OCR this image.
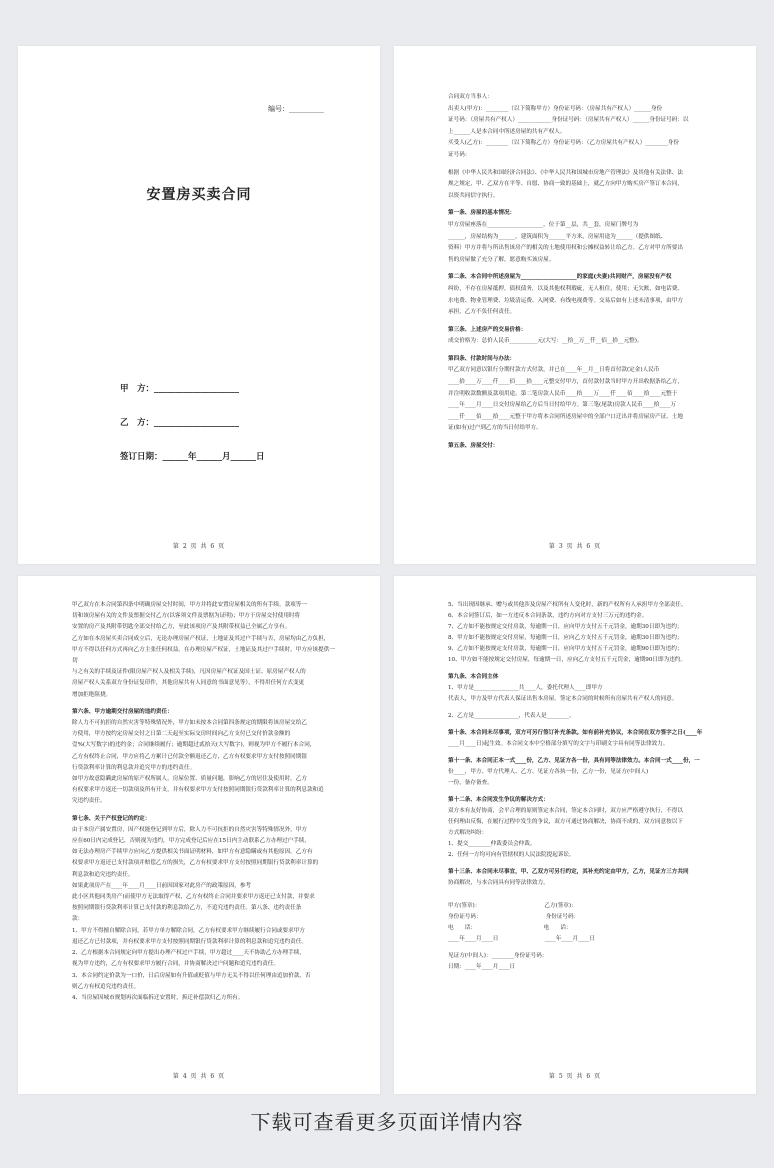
编号：__________
安置房买卖合同
甲　方：____________________
乙　方：____________________
签订日期：______年______月______日
第 2 页 共 6 页

合同双方当事人：

出卖人(甲方)：________（以下简称甲方）身份证号码：（房屋共有产权人）______身份

证号码：（房屋共有产权人）____________身份证号码：（房屋共有产权人）______身份证号码：以

上______人是本合同中所述房屋的共有产权人。

买受人(乙方)：________（以下简称乙方）身份证号码：（乙方房屋共有产权人）________身份

证号码：

根据《中华人民共和国经济合同法》、《中华人民共和国城市房地产管理法》及其他有关法律、法

规之规定，甲、乙双方在平等、自愿、协商一致的基础上，就乙方向甲方购买房产签订本合同，

以资共同信守执行。

第一条、房屋的基本情况：

甲方房屋座落在____________________，位于第__层，共__套，房屋门牌号为

______，房屋结构为______，建筑面积为______平方米，房屋用途为______（提供图纸、

资料）甲方并将与所出售该房产的相关的土地使用权和公摊权益转让给乙方。乙方对甲方所要出

售的房屋做了充分了解，愿意购买该房屋。

第二条、本合同中所述房屋为____________________的家庭(夫妻)共同财产，房屋没有产权

纠纷，不存在房屋抵押，债权债务，以及其他权利瑕疵，无人租住，使用；无欠账，如电话费、

水电费、物业管理费、垃圾清运费、入网费、有线电视费等。交易后如有上述未清事项，由甲方

承担，乙方不负任何责任。

第三条、上述房产的交易价格：

成交价格为：总价人民币__________元(大写：__拾__万__仟__佰__拾__元整)。

第四条、付款时间与办法：

甲乙双方同意以银行分期付款方式付款，并已在____年__月__日将首付款(定金)人民币

____拾____万____仟____佰____拾____元整交付甲方，首付款付款当时甲方开出收据条给乙方，

并注明收款数额及款项用途。第二笔房款人民币____拾____万____仟____佰____拾____元整于

____年____月____日交付房屋给乙方后当日付给甲方。第三笔(尾款)房款人民币____拾____万

____仟____佰____拾____元整于甲方将本合同所述房屋中的全部户口迁出并将房屋房产证、土地

证(如有)过户到乙方的当日付给甲方。

第五条、房屋交付：

第 3 页 共 6 页

甲乙双方在本合同第四条中明确房屋交付时间，甲方并将此安置房屋相关的所有手续、款项等一

切和该房屋有关的文件及票据交付乙方(以客须文件及票据为证明)；甲方于房屋交付使用时将

安置的房产及其附带钥匙全部交付给乙方，至此该项房产及其附带权益已全属乙方享有。

乙方如在本房屋买卖合同成立后，无论办理房屋产权证，土地证及其过户手续与否，房屋均由乙方负担，

甲方不得以任何方式再向乙方主张任何权益。在办理房屋产权证，土地证及其过户手续时，甲方应该提供一切

与之有关的手续及证件(限房屋产权人及相关手续)，凡因房屋产权证及国土证、原房屋产权人的

房屋产权人关系双方身份证复印件，其他房屋共有人同意的书面意见等），不得用任何方式变更

增加拒绝阻挠。

第六条、甲方逾期交付房屋的违约责任：

除人力不可抗拒的自然灾害等特殊情况外，甲方如未按本合同第四条规定的期限将该房屋交给乙

方使用，甲方按约定房屋交付之日第二天起至实际交房时间向乙方支付已交付价款金额的

壹%(大写数字)的违约金；合同继续履行；逾期超过贰拾天(大写数字)，则视为甲方不履行本合同，

乙方有权终止合同，甲方应将乙方累计已付款全额返还乙方，乙方有权要求甲方支付按照同期银

行贷款利率计算的利息款并追究甲方的违约责任。

如甲方故意隐瞒此房屋的原产权所属人，房屋位置、质量问题，影响乙方的居住及使用时，乙方

有权要求甲方返还一切款项及所有开支，并有权要求甲方支付按照同期银行贷款利率计算的利息款和追

究违约责任。

第七条、关于产权登记的约定：

由于本房产属安置房，因产权能登记到甲方后，除人力不可抗拒的自然灾害等特殊情况外，甲方

应在60日内完成登记，否则视为违约，甲方完成登记后应在15日内主动联系乙方办理过户手续，

如无法办理房产手续甲方应向乙方提供相关书面证明材料，如甲方有意隐瞒或有其他原因，乙方有

权要求甲方返还已支付款项并赔偿乙方的损失，乙方有权要求甲方支付按照同期银行贷款利率计算的

利息款和追究违约责任。

如果此项房产在____年____月____日前因国家对此房产的政策原因，参考

此小区其他同类房产)而使甲方无法取得产权，乙方有权终止合同并要求甲方返还已支付款，并要求

按照同期银行贷款利率计算已支付款的利息款给乙方，不追究违约责任。第八条、违约责任条

款：

1、甲方不得擅自解除合同，若甲方单方解除合同，乙方有权要求甲方继续履行合同或要求甲方

退还乙方已付款项，并有权要求甲方支付按照同期银行贷款利率计算的利息款和追究违约责任。

2、乙方根据本合同规定向甲方提出办理产权过户手续，甲方超过____天不协助乙方办理手续，

视为甲方违约，乙方有权要求甲方履行合同，并协商解决过户问题和追究违约责任。

3、本合同约定价款为一口价，日后房屋如有升值或贬值与甲方无关不得以任何理由追加价款，否

则乙方有权追究违约责任。

4、当房屋因城市规划再次面临拆迁安置时，拆迁补偿款归乙方所有。

第 4 页 共 6 页

5、当出现因继承、赠与或其他涉及房屋产权所有人变化时，新的产权所有人承担甲方全部责任。

6、本合同签订后，如一方违反本合同条款，违约方向对方支付三万元的违约金。

7、乙方如不能按规定交付房款，每逾期一日，应向甲方支付五千元罚金，逾期30日即为违约；

8、甲方如不能按规定交付房屋，每逾期一日，应向乙方支付五千元罚金，逾期30日即为违约；

9、乙方如不能按规定支付房款，每逾期一日，应向甲方支付五千元罚金，逾期90日即为违约；

10、甲方如不能按规定交付房屋，每逾期一日，应向乙方支付五千元罚金，逾期90日即为违约。

第九条、本合同主体

1、甲方是________________共____人，委托代理人____即甲方

代表人，甲方及甲方代表人保证出售本房屋。签定本合同的时候所有房屋共有产权人的同意。

2、乙方是________________，代表人是________。

第十条、本合同未尽事项，双方可另行签订补充条款。如有前补充协议，本合同在双方签字之日(____年

____月____日)起生效。本合同文本中空格部分填写的文字与印刷文字具有同等法律效力。

第十一条、本合同正本一式____份，乙方、见证方各一份，具有同等法律效力。本合同一式____份，一

份____，甲方、甲方代理人、乙方、见证方各执一份，乙方一份，见证方(中间人)

一份，备存备查。

第十二条、本合同发生争议的解决方式：

双方本有友好协商，会平合理的原则签定本合同，签定本合同时，双方应严格遵守执行，不得以

任何理由反悔，在履行过程中发生的争议，双方可通过协商解决，协商不成的，双方同意按以下

方式解决纠纷：

1、提交________仲裁委员会仲裁。

2、任何一方均可向有管辖权的人民法院提起诉讼。

第十三条、本合同未尽事宜，甲、乙双方可另行约定，其补充约定由甲方，乙方，见证方三方共同

协商解决，与本合同具有同等法律效力。

甲方(签章)：                                    乙方(签章)：

身份证号码：                                    身份证号码：

电　　话：                                      电　　话：

____年____月____日                          ____年____月____日

见证方(中间人)：________身份证号码：

日期：____年____月____日

第 5 页 共 6 页
下载可查看更多页面详情内容
